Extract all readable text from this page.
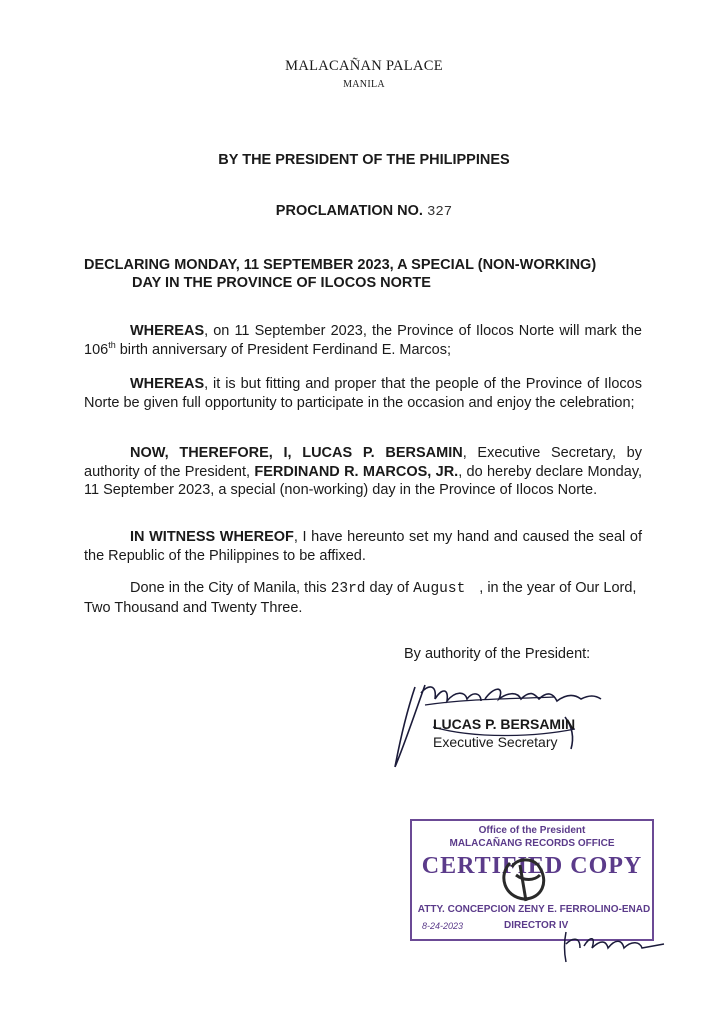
MALACAÑAN PALACE
MANILA
BY THE PRESIDENT OF THE PHILIPPINES
PROCLAMATION NO. 327
DECLARING MONDAY, 11 SEPTEMBER 2023, A SPECIAL (NON-WORKING)
DAY IN THE PROVINCE OF ILOCOS NORTE
WHEREAS, on 11 September 2023, the Province of Ilocos Norte will mark the 106th birth anniversary of President Ferdinand E. Marcos;
WHEREAS, it is but fitting and proper that the people of the Province of Ilocos Norte be given full opportunity to participate in the occasion and enjoy the celebration;
NOW, THEREFORE, I, LUCAS P. BERSAMIN, Executive Secretary, by authority of the President, FERDINAND R. MARCOS, JR., do hereby declare Monday, 11 September 2023, a special (non-working) day in the Province of Ilocos Norte.
IN WITNESS WHEREOF, I have hereunto set my hand and caused the seal of the Republic of the Philippines to be affixed.
Done in the City of Manila, this 23rd day of August , in the year of Our Lord, Two Thousand and Twenty Three.
By authority of the President:
LUCAS P. BERSAMIN
Executive Secretary
Office of the President
MALACAÑANG RECORDS OFFICE
CERTIFIED COPY
ATTY. CONCEPCION ZENY E. FERROLINO-ENAD
8-24-2023	DIRECTOR IV
